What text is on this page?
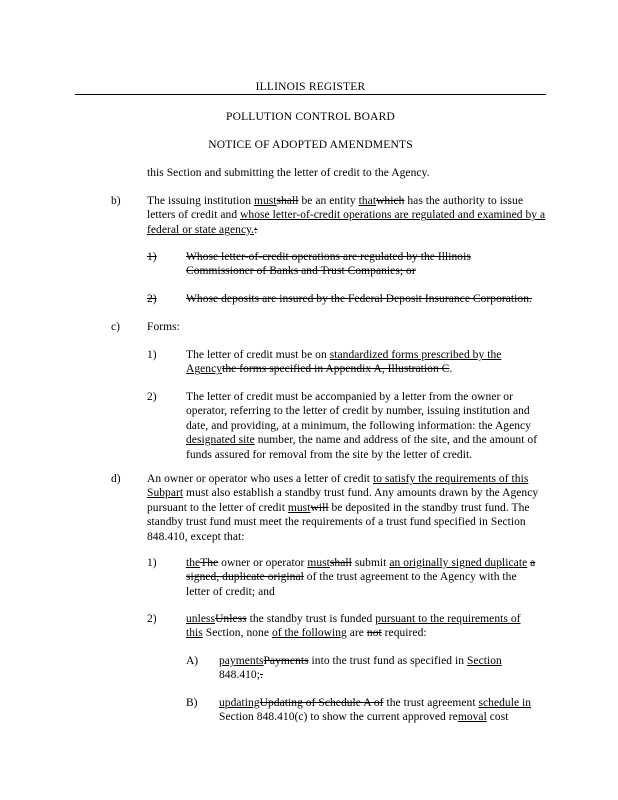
ILLINOIS REGISTER
POLLUTION CONTROL BOARD
NOTICE OF ADOPTED AMENDMENTS
this Section and submitting the letter of credit to the Agency.
b) The issuing institution mustshall be an entity thatwhich has the authority to issue letters of credit and whose letter-of-credit operations are regulated and examined by a federal or state agency.:
1)	Whose letter-of-credit operations are regulated by the Illinois Commissioner of Banks and Trust Companies; or
2)	Whose deposits are insured by the Federal Deposit Insurance Corporation.
c) Forms:
1)	The letter of credit must be on standardized forms prescribed by the Agencythe forms specified in Appendix A, Illustration C.
2)	The letter of credit must be accompanied by a letter from the owner or operator, referring to the letter of credit by number, issuing institution and date, and providing, at a minimum, the following information: the Agency designated site number, the name and address of the site, and the amount of funds assured for removal from the site by the letter of credit.
d) An owner or operator who uses a letter of credit to satisfy the requirements of this Subpart must also establish a standby trust fund. Any amounts drawn by the Agency pursuant to the letter of credit mustwill be deposited in the standby trust fund. The standby trust fund must meet the requirements of a trust fund specified in Section 848.410, except that:
1)	theThe owner or operator mustshall submit an originally signed duplicate a signed, duplicate original of the trust agreement to the Agency with the letter of credit; and
2)	unlessUnless the standby trust is funded pursuant to the requirements of this Section, none of the following are not required:
A) paymentsPayments into the trust fund as specified in Section 848.410;.
B) updatingUpdating of Schedule A of the trust agreement schedule in Section 848.410(c) to show the current approved removal cost
